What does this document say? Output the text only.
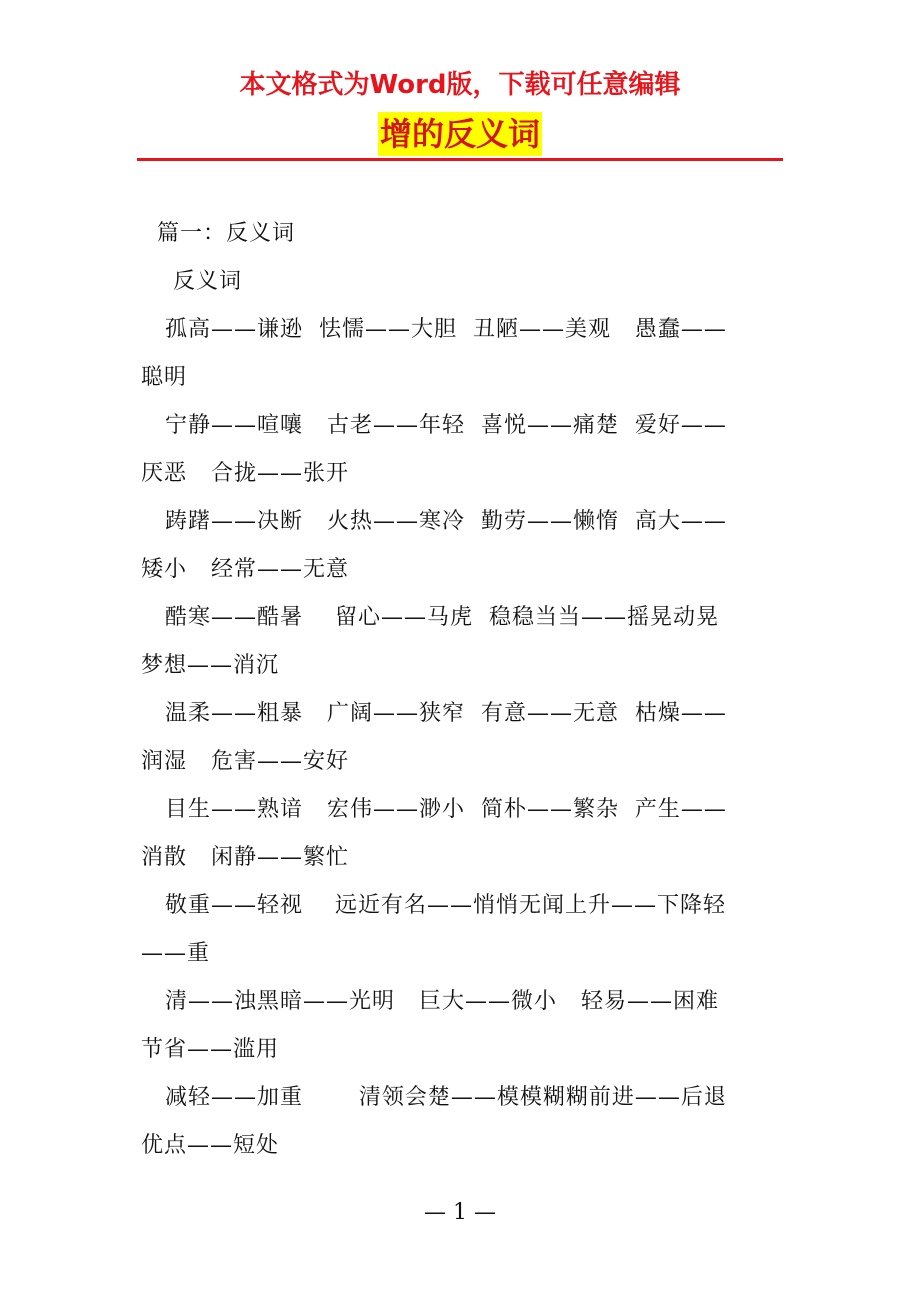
本文格式为Word版，下载可任意编辑
增的反义词
篇一：反义词
反义词
孤高——谦逊  怯懦——大胆  丑陋——美观   愚蠢——
聪明
宁静——喧嚷   古老——年轻  喜悦——痛楚  爱好——
厌恶   合拢——张开
踌躇——决断   火热——寒冷  勤劳——懒惰  高大——
矮小   经常——无意
酷寒——酷暑    留心——马虎  稳稳当当——摇晃动晃
梦想——消沉
温柔——粗暴   广阔——狭窄  有意——无意  枯燥——
润湿   危害——安好
目生——熟谙   宏伟——渺小  简朴——繁杂  产生——
消散   闲静——繁忙
敬重——轻视    远近有名——悄悄无闻上升——下降轻
——重
清——浊黑暗——光明   巨大——微小   轻易——困难
节省——滥用
减轻——加重       清领会楚——模模糊糊前进——后退
优点——短处
— 1 —
